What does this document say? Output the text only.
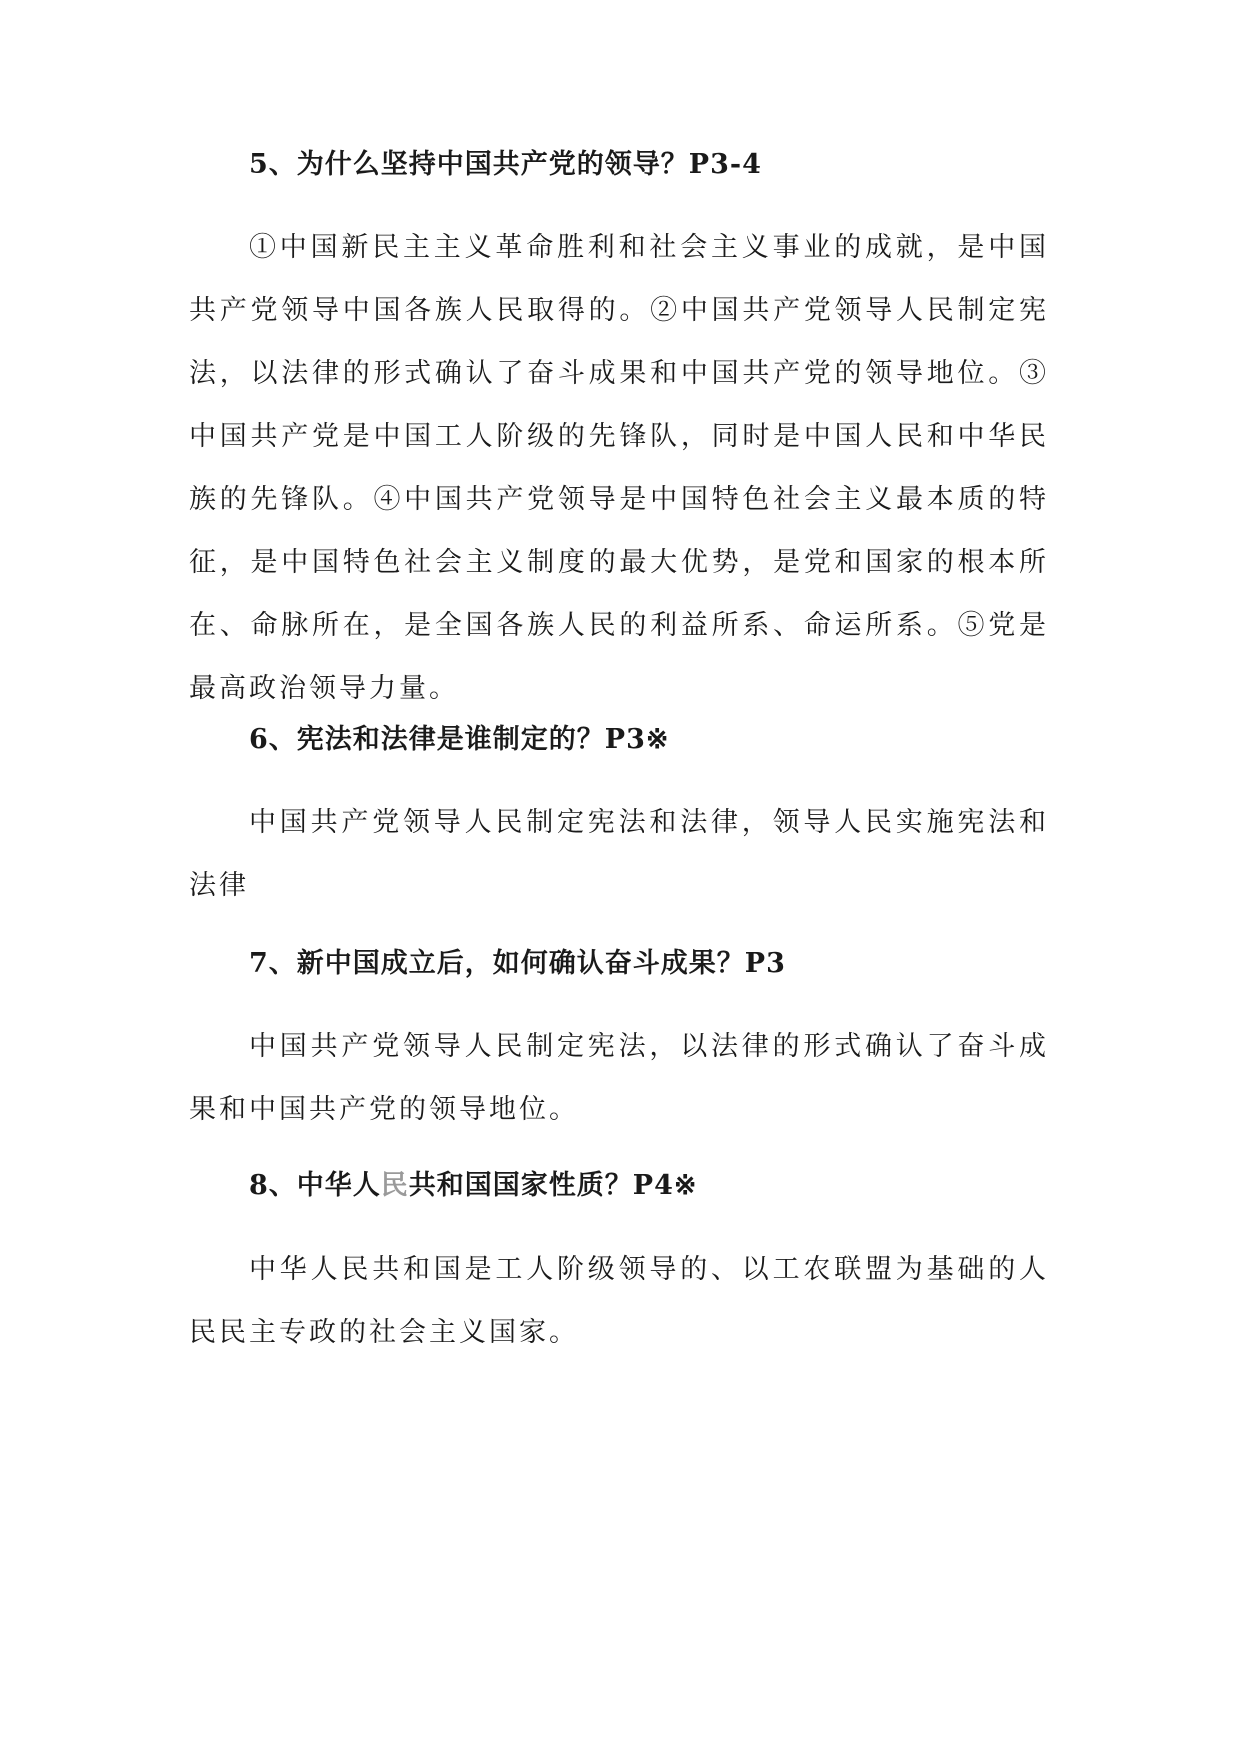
5、为什么坚持中国共产党的领导？P3-4

①中国新民主主义革命胜利和社会主义事业的成就，是中国共产党领导中国各族人民取得的。②中国共产党领导人民制定宪法，以法律的形式确认了奋斗成果和中国共产党的领导地位。③中国共产党是中国工人阶级的先锋队，同时是中国人民和中华民族的先锋队。④中国共产党领导是中国特色社会主义最本质的特征，是中国特色社会主义制度的最大优势，是党和国家的根本所在、命脉所在，是全国各族人民的利益所系、命运所系。⑤党是最高政治领导力量。

6、宪法和法律是谁制定的？P3※

中国共产党领导人民制定宪法和法律，领导人民实施宪法和法律

7、新中国成立后，如何确认奋斗成果？P3

中国共产党领导人民制定宪法，以法律的形式确认了奋斗成果和中国共产党的领导地位。

8、中华人民共和国国家性质？P4※

中华人民共和国是工人阶级领导的、以工农联盟为基础的人民民主专政的社会主义国家。
